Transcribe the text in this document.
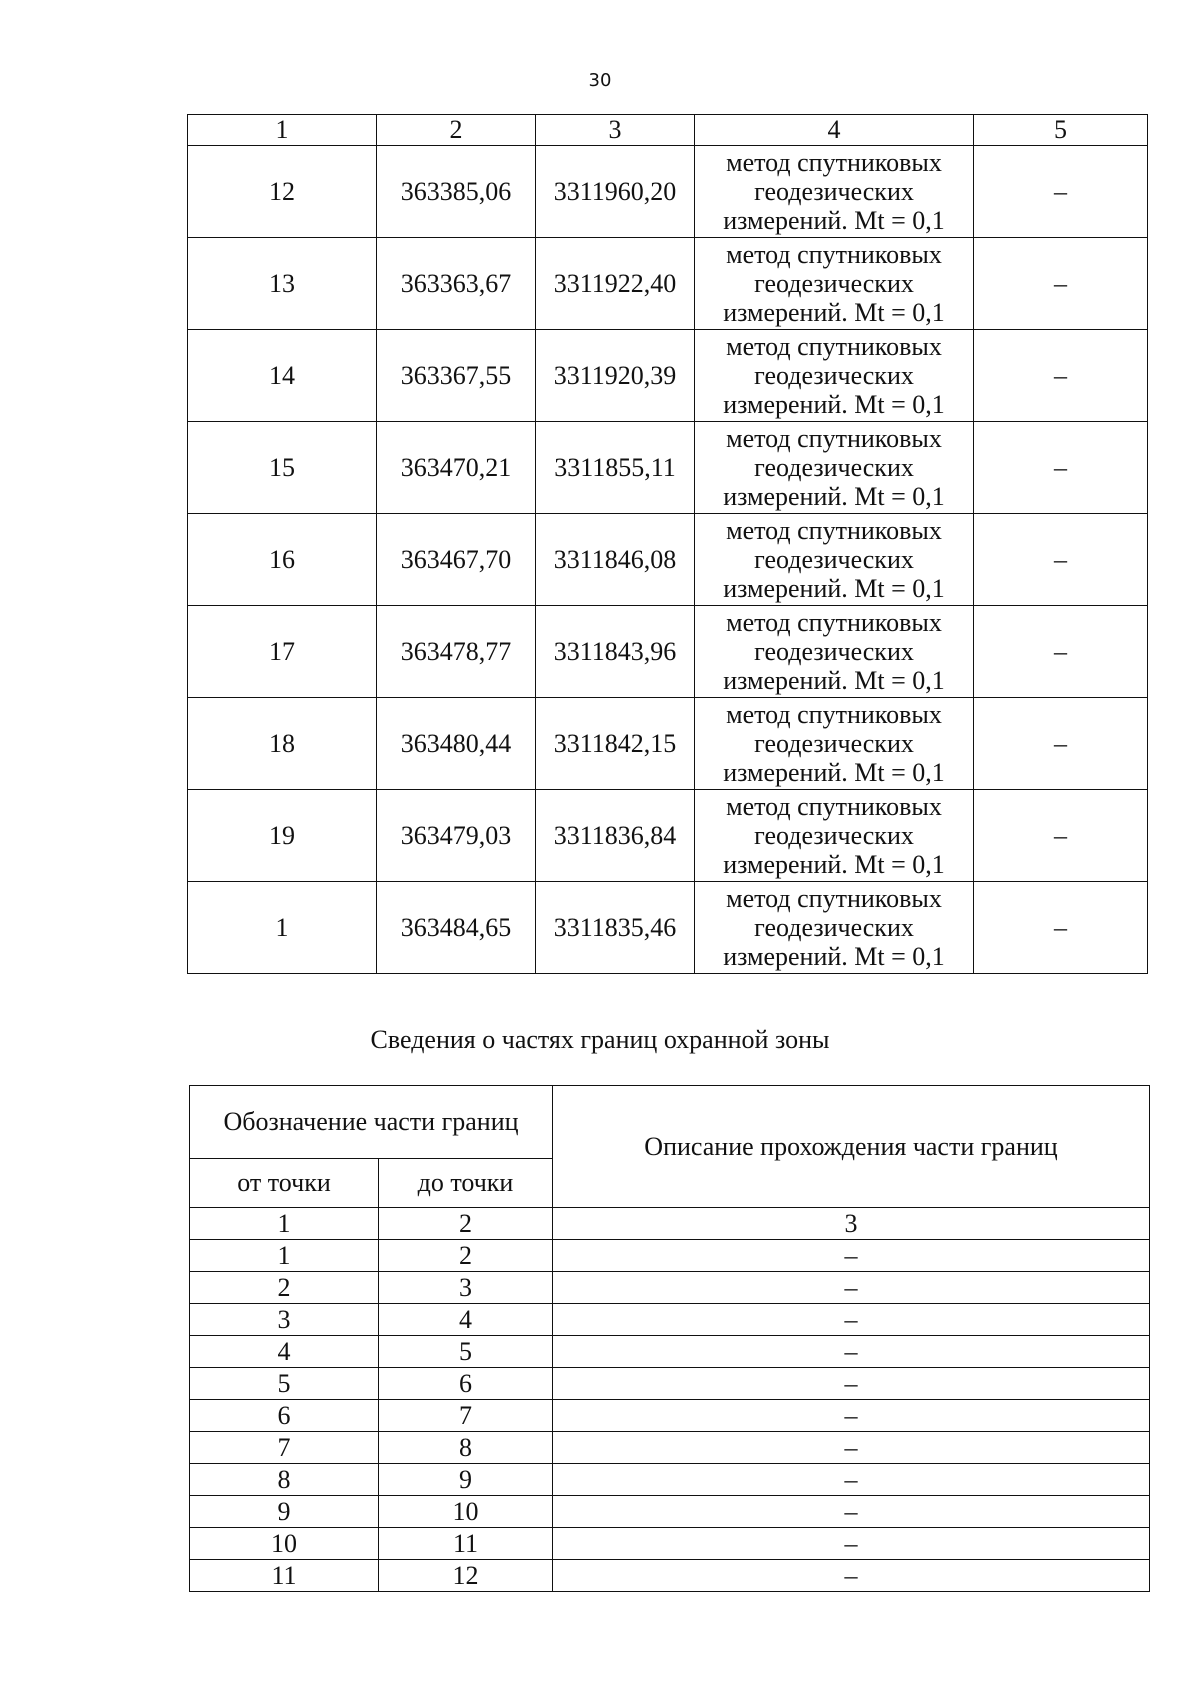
30
1	2	3	4	5
12	363385,06	3311960,20	метод спутниковых
геодезических
измерений. Mt = 0,1	–
13	363363,67	3311922,40	метод спутниковых
геодезических
измерений. Mt = 0,1	–
14	363367,55	3311920,39	метод спутниковых
геодезических
измерений. Mt = 0,1	–
15	363470,21	3311855,11	метод спутниковых
геодезических
измерений. Mt = 0,1	–
16	363467,70	3311846,08	метод спутниковых
геодезических
измерений. Mt = 0,1	–
17	363478,77	3311843,96	метод спутниковых
геодезических
измерений. Mt = 0,1	–
18	363480,44	3311842,15	метод спутниковых
геодезических
измерений. Mt = 0,1	–
19	363479,03	3311836,84	метод спутниковых
геодезических
измерений. Mt = 0,1	–
1	363484,65	3311835,46	метод спутниковых
геодезических
измерений. Mt = 0,1	–
Сведения о частях границ охранной зоны
Обозначение части границ		Описание прохождения части границ
от точки	до точки	
1	2	3
1	2	–
2	3	–
3	4	–
4	5	–
5	6	–
6	7	–
7	8	–
8	9	–
9	10	–
10	11	–
11	12	–
